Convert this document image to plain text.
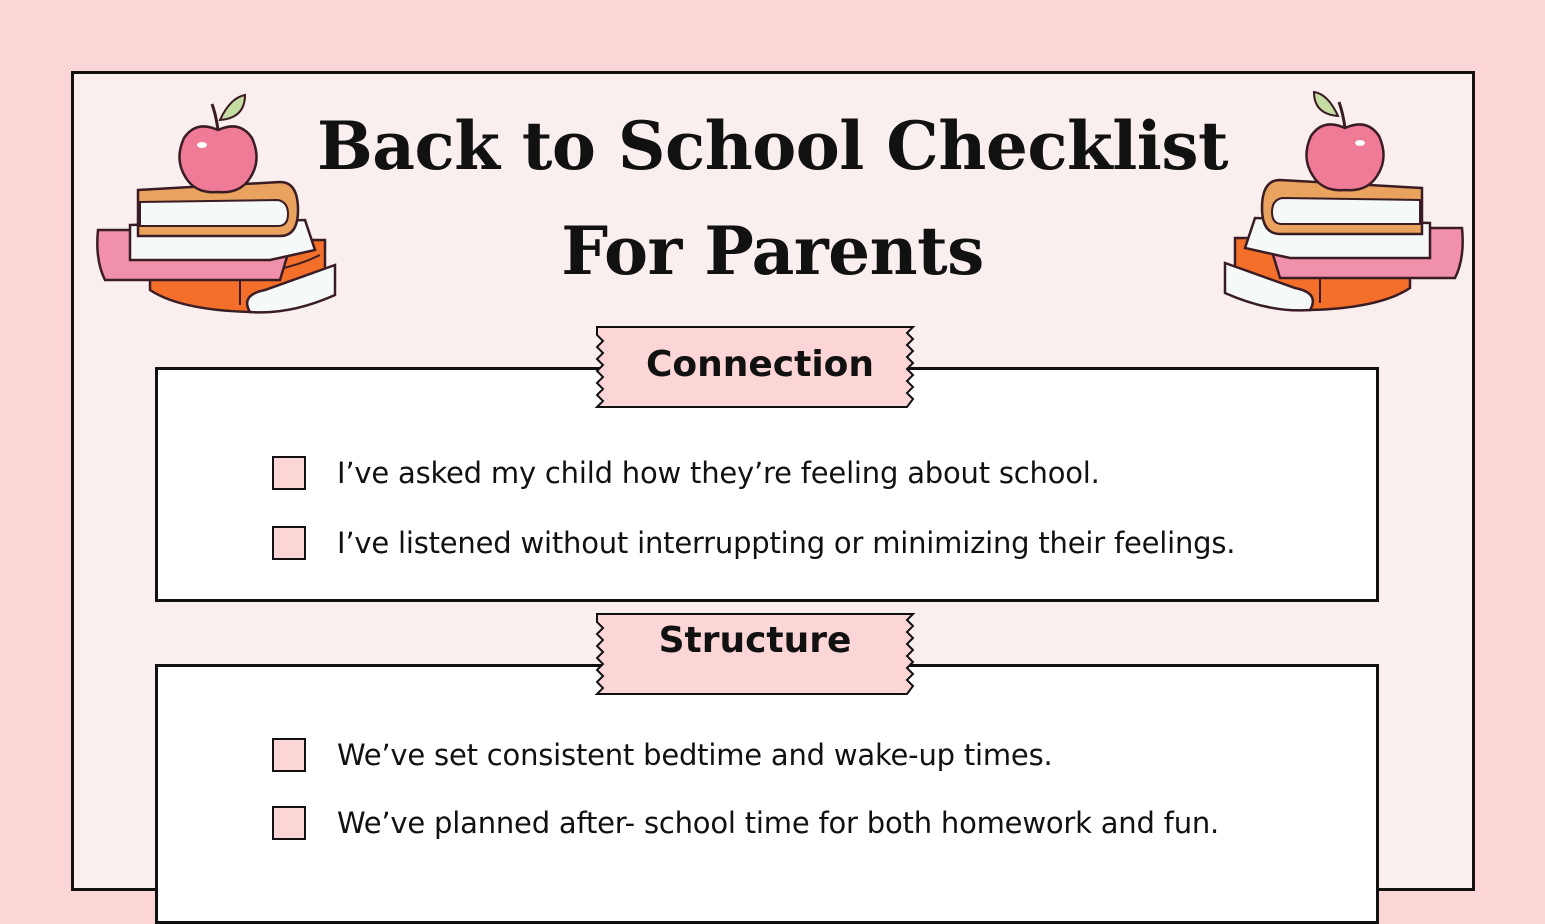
Back to School Checklist
For Parents
Connection
I’ve asked my child how they’re feeling about school.
I’ve listened without interruppting or minimizing their feelings.
Structure
We’ve set consistent bedtime and wake-up times.
We’ve planned after- school time for both homework and fun.
